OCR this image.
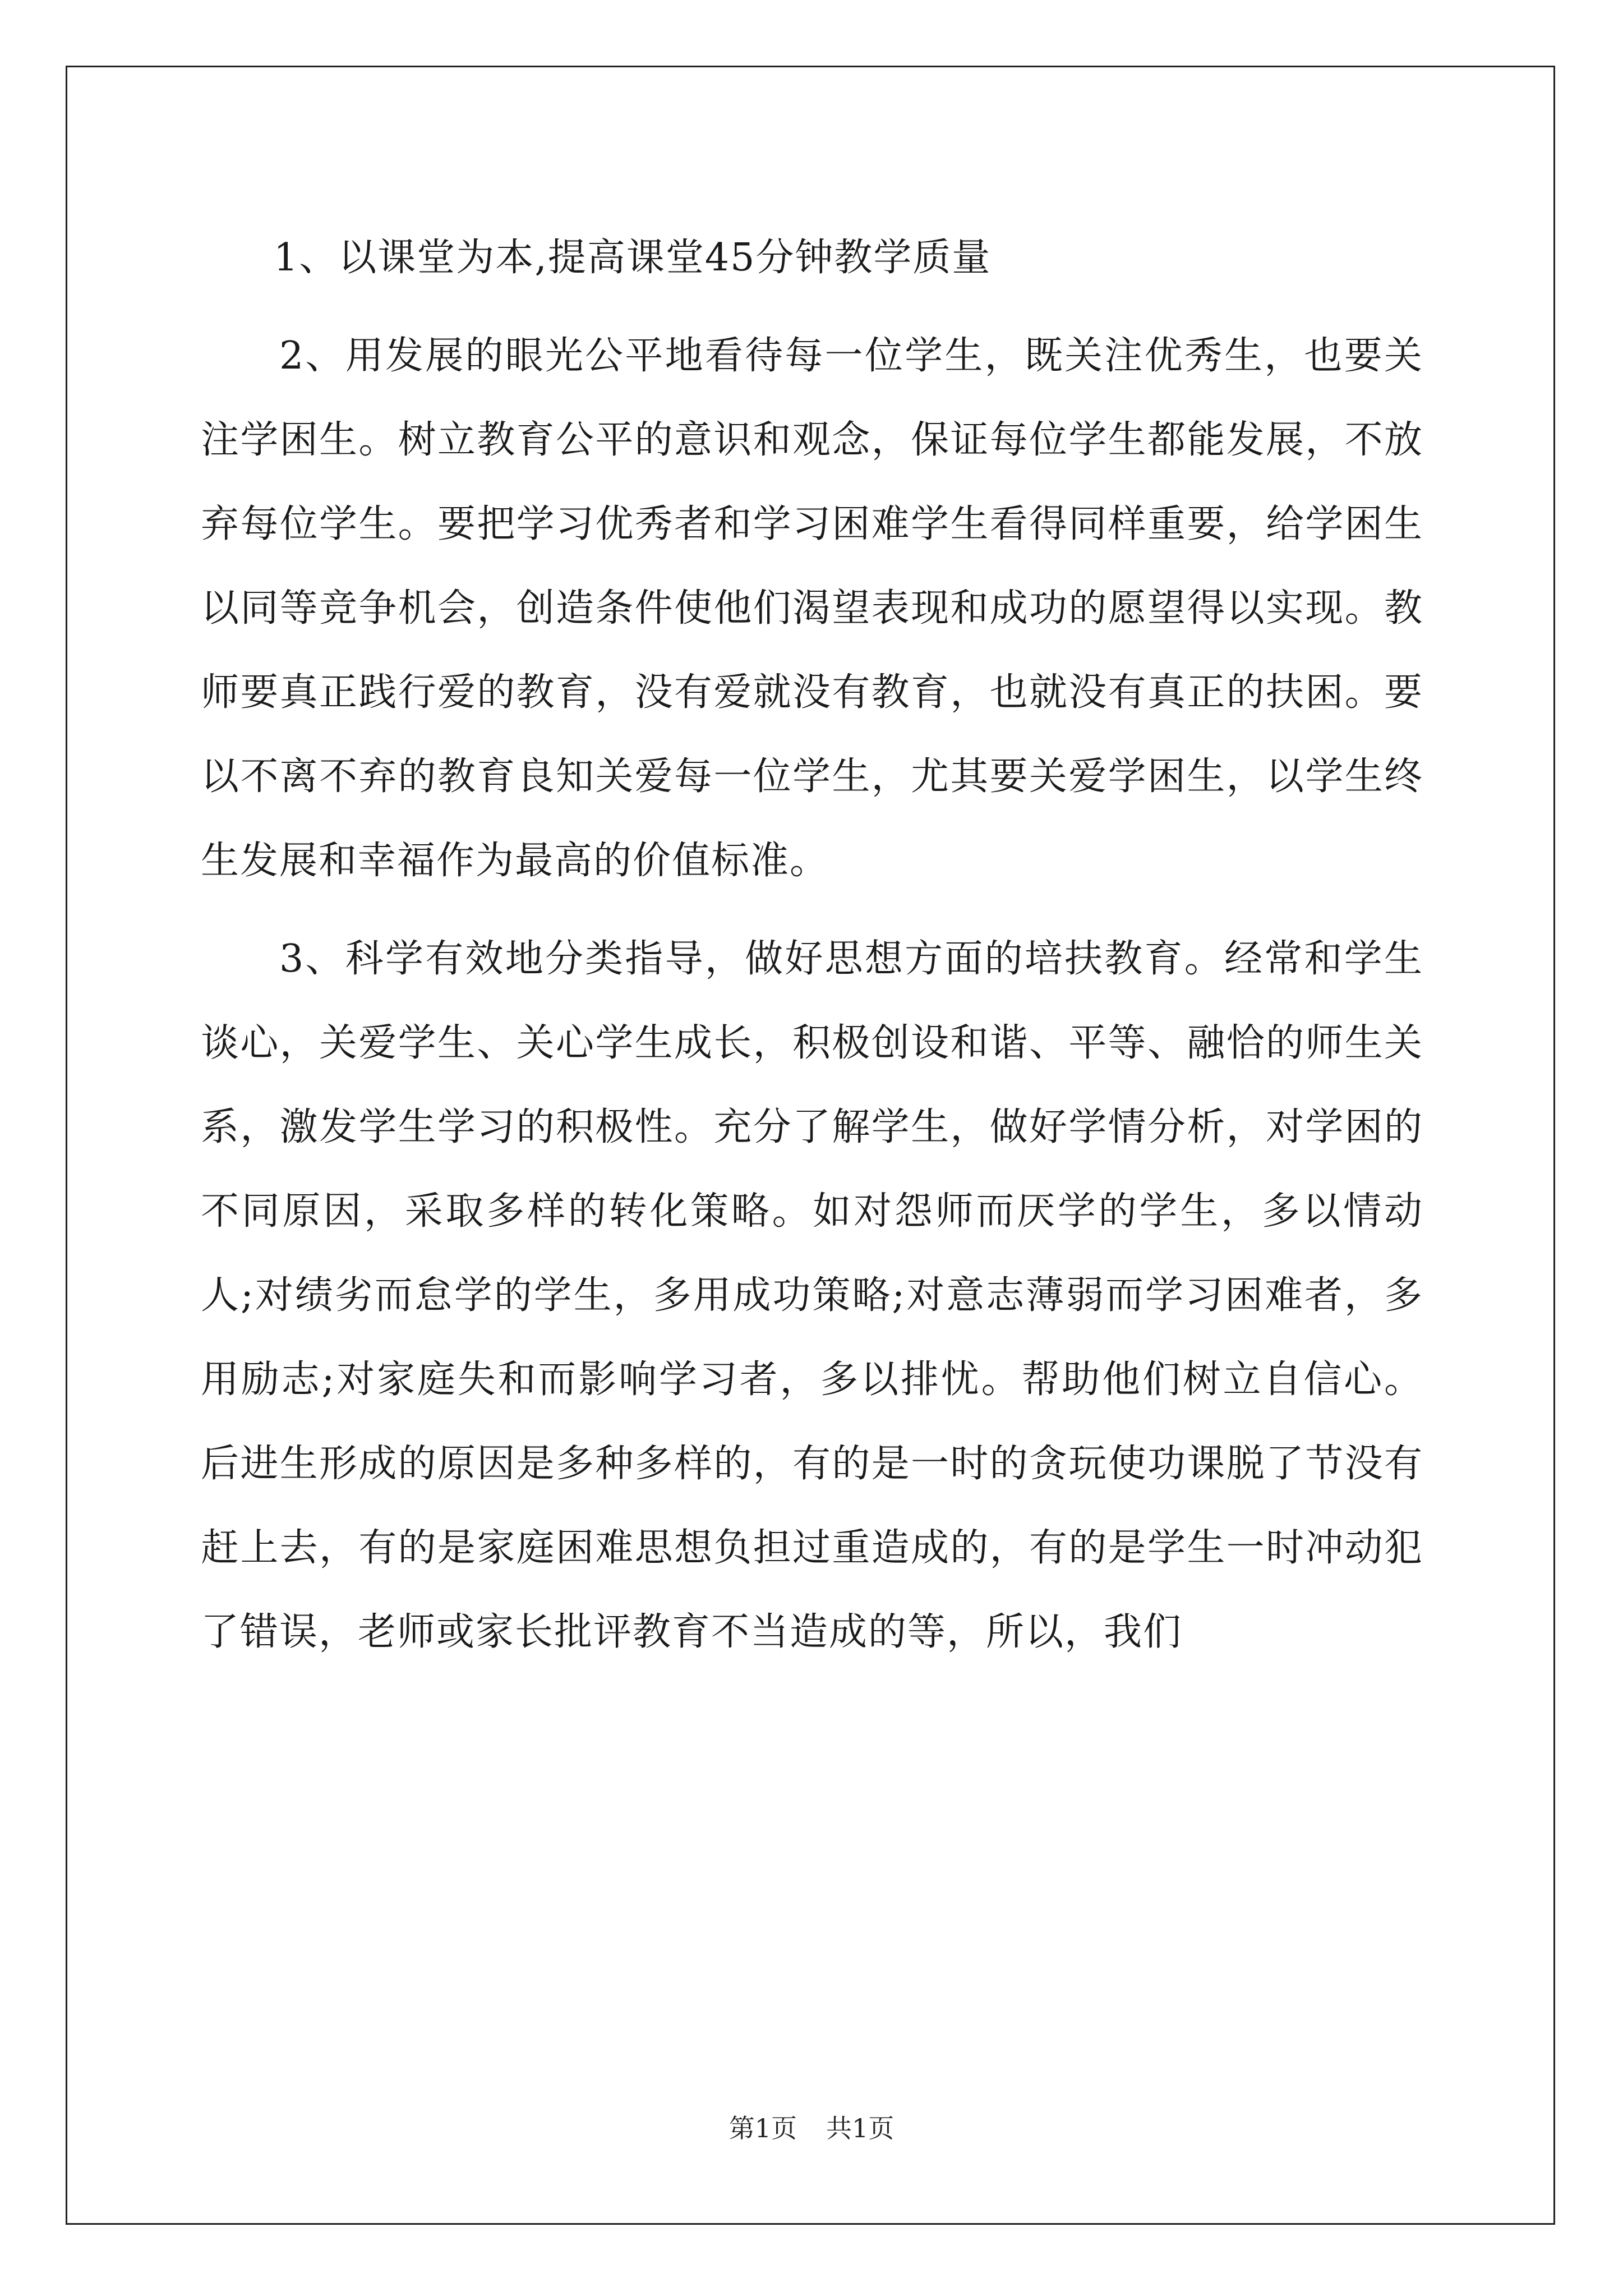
1、以课堂为本,提高课堂45分钟教学质量

2、用发展的眼光公平地看待每一位学生，既关注优秀生，也要关注学困生。树立教育公平的意识和观念，保证每位学生都能发展，不放弃每位学生。要把学习优秀者和学习困难学生看得同样重要，给学困生以同等竞争机会，创造条件使他们渴望表现和成功的愿望得以实现。教师要真正践行爱的教育，没有爱就没有教育，也就没有真正的扶困。要以不离不弃的教育良知关爱每一位学生，尤其要关爱学困生，以学生终生发展和幸福作为最高的价值标准。

3、科学有效地分类指导，做好思想方面的培扶教育。经常和学生谈心，关爱学生、关心学生成长，积极创设和谐、平等、融恰的师生关系，激发学生学习的积极性。充分了解学生，做好学情分析，对学困的不同原因，采取多样的转化策略。如对怨师而厌学的学生，多以情动人;对绩劣而怠学的学生，多用成功策略;对意志薄弱而学习困难者，多用励志;对家庭失和而影响学习者，多以排忧。帮助他们树立自信心。后进生形成的原因是多种多样的，有的是一时的贪玩使功课脱了节没有赶上去，有的是家庭困难思想负担过重造成的，有的是学生一时冲动犯了错误，老师或家长批评教育不当造成的等，所以，我们

第1页 共1页
